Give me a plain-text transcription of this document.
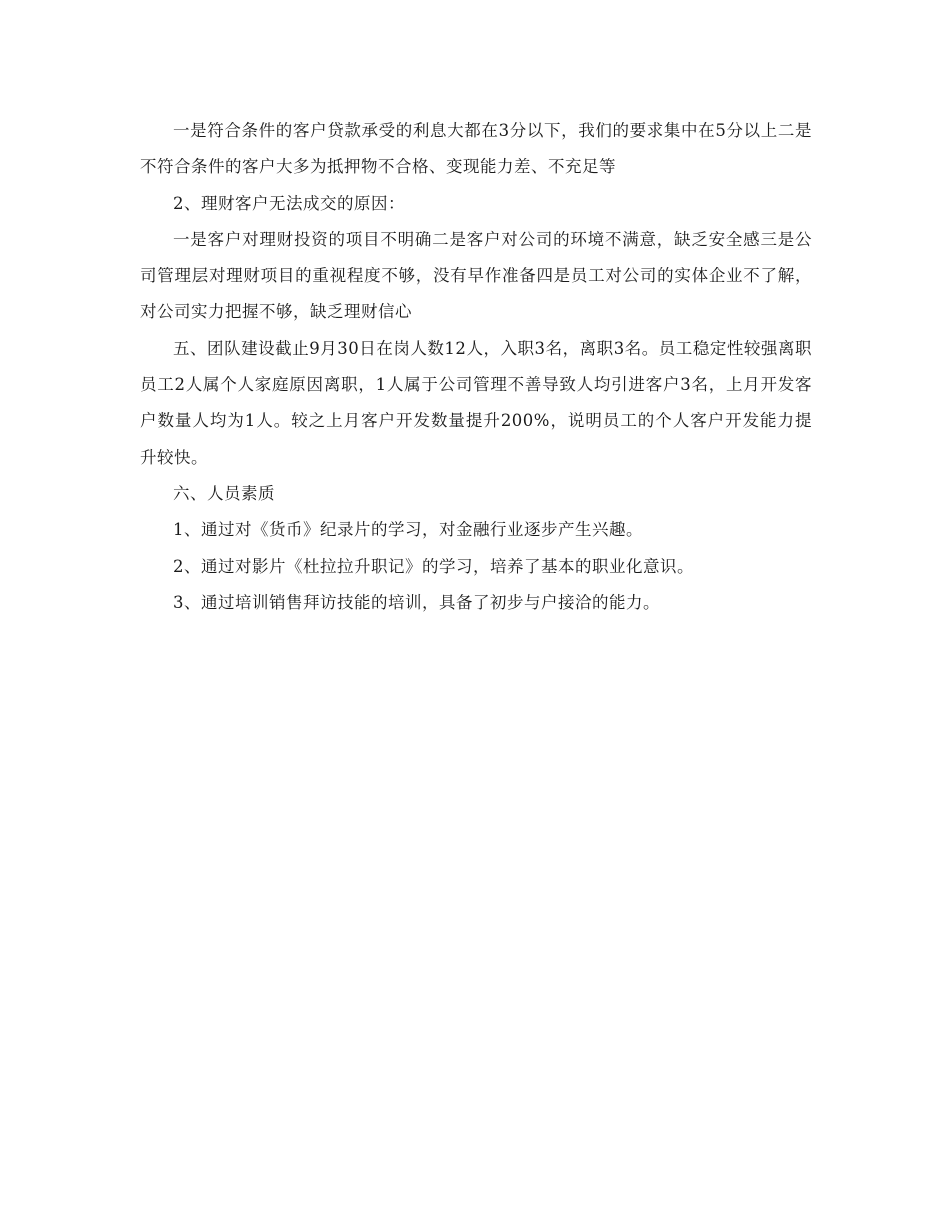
一是符合条件的客户贷款承受的利息大都在3分以下，我们的要求集中在5分以上二是不符合条件的客户大多为抵押物不合格、变现能力差、不充足等

2、理财客户无法成交的原因：

一是客户对理财投资的项目不明确二是客户对公司的环境不满意，缺乏安全感三是公司管理层对理财项目的重视程度不够，没有早作准备四是员工对公司的实体企业不了解，对公司实力把握不够，缺乏理财信心

五、团队建设截止9月30日在岗人数12人，入职3名，离职3名。员工稳定性较强离职员工2人属个人家庭原因离职，1人属于公司管理不善导致人均引进客户3名，上月开发客户数量人均为1人。较之上月客户开发数量提升200%，说明员工的个人客户开发能力提升较快。

六、人员素质

1、通过对《货币》纪录片的学习，对金融行业逐步产生兴趣。

2、通过对影片《杜拉拉升职记》的学习，培养了基本的职业化意识。

3、通过培训销售拜访技能的培训，具备了初步与户接洽的能力。
